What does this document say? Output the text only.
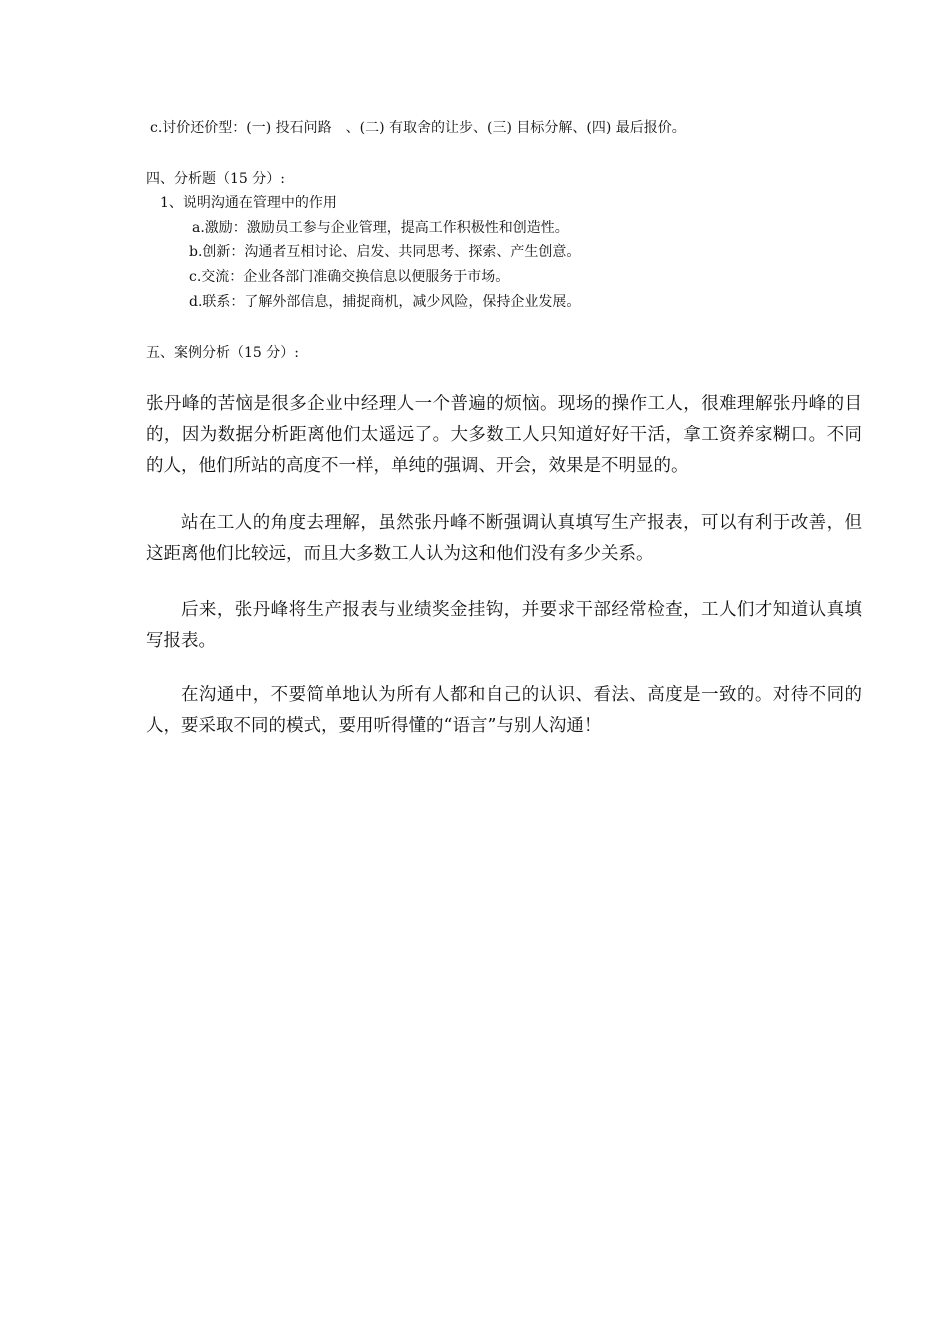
c.讨价还价型：(一) 投石问路　、(二) 有取舍的让步、(三) 目标分解、(四) 最后报价。
四、分析题（15 分）:
1、说明沟通在管理中的作用
a.激励：激励员工参与企业管理，提高工作积极性和创造性。
b.创新：沟通者互相讨论、启发、共同思考、探索、产生创意。
c.交流：企业各部门准确交换信息以便服务于市场。
d.联系：了解外部信息，捕捉商机，减少风险，保持企业发展。
五、案例分析（15 分）:
张丹峰的苦恼是很多企业中经理人一个普遍的烦恼。现场的操作工人，很难理解张丹峰的目的，因为数据分析距离他们太遥远了。大多数工人只知道好好干活，拿工资养家糊口。不同的人，他们所站的高度不一样，单纯的强调、开会，效果是不明显的。
站在工人的角度去理解，虽然张丹峰不断强调认真填写生产报表，可以有利于改善，但这距离他们比较远，而且大多数工人认为这和他们没有多少关系。
后来，张丹峰将生产报表与业绩奖金挂钩，并要求干部经常检查，工人们才知道认真填写报表。
在沟通中，不要简单地认为所有人都和自己的认识、看法、高度是一致的。对待不同的人，要采取不同的模式，要用听得懂的“语言”与别人沟通！
